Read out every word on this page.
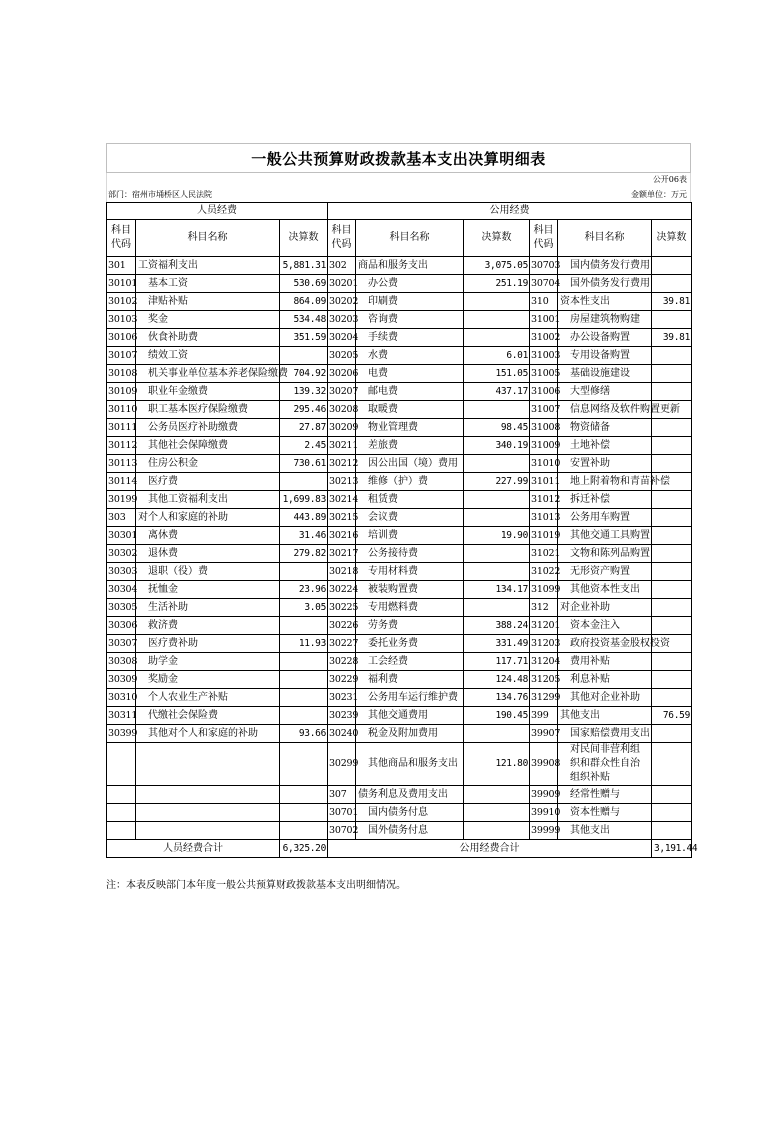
一般公共预算财政拨款基本支出决算明细表
公开06表
部门：宿州市埇桥区人民法院	金额单位：万元
人员经费			公用经费					
科目代码	科目名称	决算数	科目代码	科目名称	决算数	科目代码	科目名称	决算数
301	工资福利支出	5,881.31	302	商品和服务支出	3,075.05	30703	国内债务发行费用	
30101	基本工资	530.69	30201	办公费	251.19	30704	国外债务发行费用	
30102	津贴补贴	864.09	30202	印刷费		310	资本性支出	39.81
30103	奖金	534.48	30203	咨询费		31001	房屋建筑物购建	
30106	伙食补助费	351.59	30204	手续费		31002	办公设备购置	39.81
30107	绩效工资		30205	水费	6.01	31003	专用设备购置	
30108	机关事业单位基本养老保险缴费	704.92	30206	电费	151.05	31005	基础设施建设	
30109	职业年金缴费	139.32	30207	邮电费	437.17	31006	大型修缮	
30110	职工基本医疗保险缴费	295.46	30208	取暖费		31007	信息网络及软件购置更新	
30111	公务员医疗补助缴费	27.87	30209	物业管理费	98.45	31008	物资储备	
30112	其他社会保障缴费	2.45	30211	差旅费	340.19	31009	土地补偿	
30113	住房公积金	730.61	30212	因公出国（境）费用		31010	安置补助	
30114	医疗费		30213	维修（护）费	227.99	31011	地上附着物和青苗补偿	
30199	其他工资福利支出	1,699.83	30214	租赁费		31012	拆迁补偿	
303	对个人和家庭的补助	443.89	30215	会议费		31013	公务用车购置	
30301	离休费	31.46	30216	培训费	19.90	31019	其他交通工具购置	
30302	退休费	279.82	30217	公务接待费		31021	文物和陈列品购置	
30303	退职（役）费		30218	专用材料费		31022	无形资产购置	
30304	抚恤金	23.96	30224	被装购置费	134.17	31099	其他资本性支出	
30305	生活补助	3.05	30225	专用燃料费		312	对企业补助	
30306	救济费		30226	劳务费	388.24	31201	资本金注入	
30307	医疗费补助	11.93	30227	委托业务费	331.49	31203	政府投资基金股权投资	
30308	助学金		30228	工会经费	117.71	31204	费用补贴	
30309	奖励金		30229	福利费	124.48	31205	利息补贴	
30310	个人农业生产补贴		30231	公务用车运行维护费	134.76	31299	其他对企业补助	
30311	代缴社会保险费		30239	其他交通费用	190.45	399	其他支出	76.59
30399	其他对个人和家庭的补助	93.66	30240	税金及附加费用		39907	国家赔偿费用支出	
			30299	其他商品和服务支出	121.80	39908	对民间非营利组织和群众性自治组织补贴	
			307	债务利息及费用支出		39909	经常性赠与	
			30701	国内债务付息		39910	资本性赠与	
			30702	国外债务付息		39999	其他支出	
人员经费合计		6,325.20	公用经费合计					3,191.44
注：本表反映部门本年度一般公共预算财政拨款基本支出明细情况。
